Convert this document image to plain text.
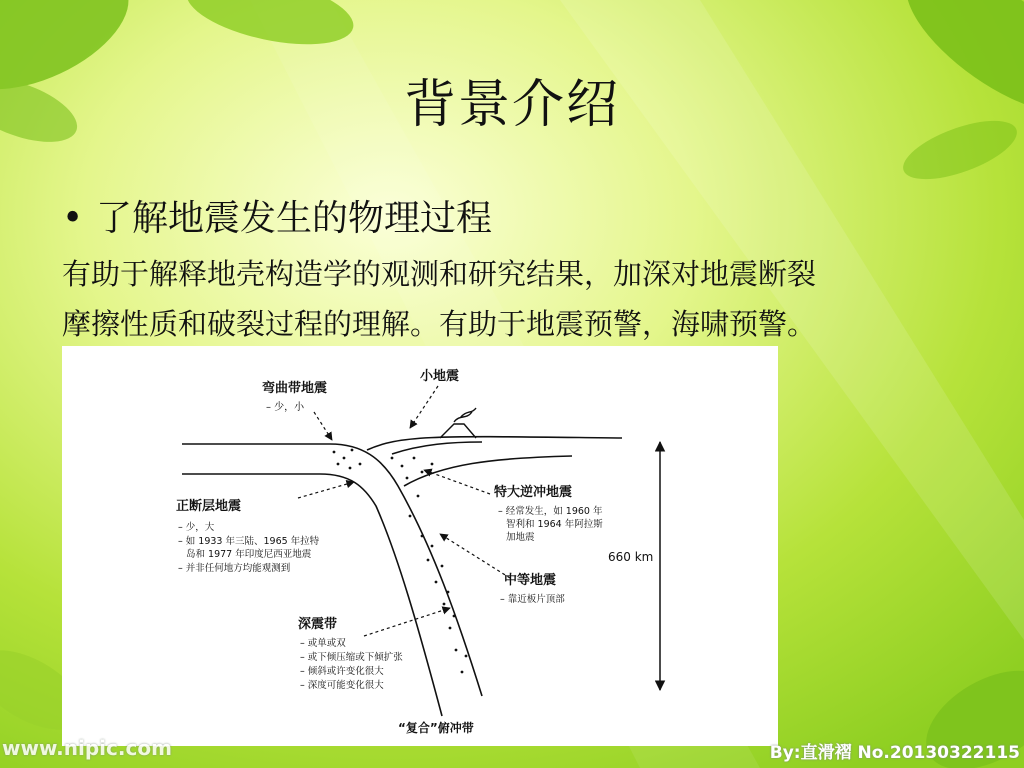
背景介绍
• 了解地震发生的物理过程
有助于解释地壳构造学的观测和研究结果，加深对地震断裂
摩擦性质和破裂过程的理解。有助于地震预警，海啸预警。
660 km
弯曲带地震
– 少，小
小地震
正断层地震
– 少，大
– 如 1933 年三陆、1965 年拉特
岛和 1977 年印度尼西亚地震
– 并非任何地方均能观测到
特大逆冲地震
– 经常发生，如 1960 年
智利和 1964 年阿拉斯
加地震
中等地震
– 靠近板片顶部
深震带
– 或单或双
– 或下倾压缩或下倾扩张
– 倾斜或许变化很大
– 深度可能变化很大
“复合”俯冲带
www.nipic.com	By:直滑褶 No.20130322115
